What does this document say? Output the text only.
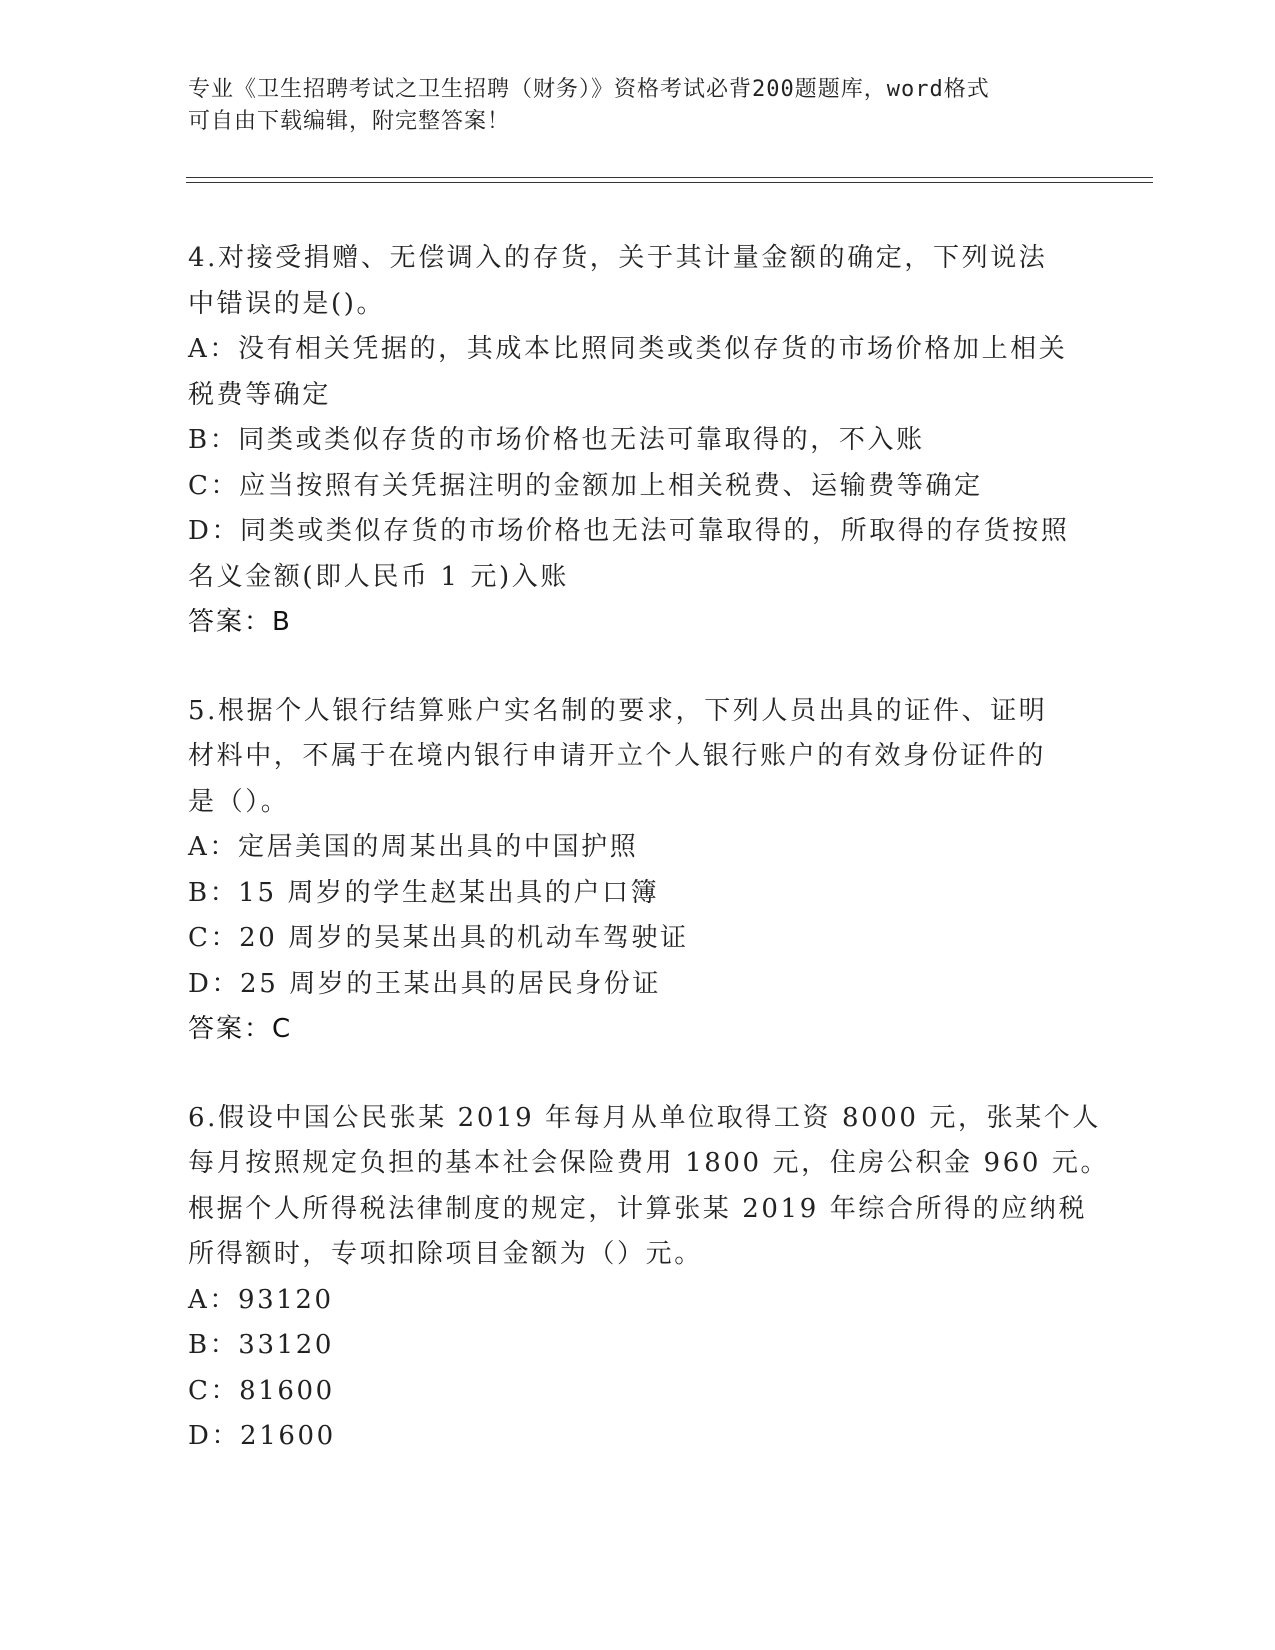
专业《卫生招聘考试之卫生招聘（财务）》资格考试必背200题题库，word格式
可自由下载编辑，附完整答案！
4.对接受捐赠、无偿调入的存货，关于其计量金额的确定，下列说法
中错误的是()。
A：没有相关凭据的，其成本比照同类或类似存货的市场价格加上相关
税费等确定
B：同类或类似存货的市场价格也无法可靠取得的，不入账
C：应当按照有关凭据注明的金额加上相关税费、运输费等确定
D：同类或类似存货的市场价格也无法可靠取得的，所取得的存货按照
名义金额(即人民币 1 元)入账
答案：B
5.根据个人银行结算账户实名制的要求，下列人员出具的证件、证明
材料中，不属于在境内银行申请开立个人银行账户的有效身份证件的
是（）。
A：定居美国的周某出具的中国护照
B：15 周岁的学生赵某出具的户口簿
C：20 周岁的吴某出具的机动车驾驶证
D：25 周岁的王某出具的居民身份证
答案：C
6.假设中国公民张某 2019 年每月从单位取得工资 8000 元，张某个人
每月按照规定负担的基本社会保险费用 1800 元，住房公积金 960 元。
根据个人所得税法律制度的规定，计算张某 2019 年综合所得的应纳税
所得额时，专项扣除项目金额为（）元。
A：93120
B：33120
C：81600
D：21600
